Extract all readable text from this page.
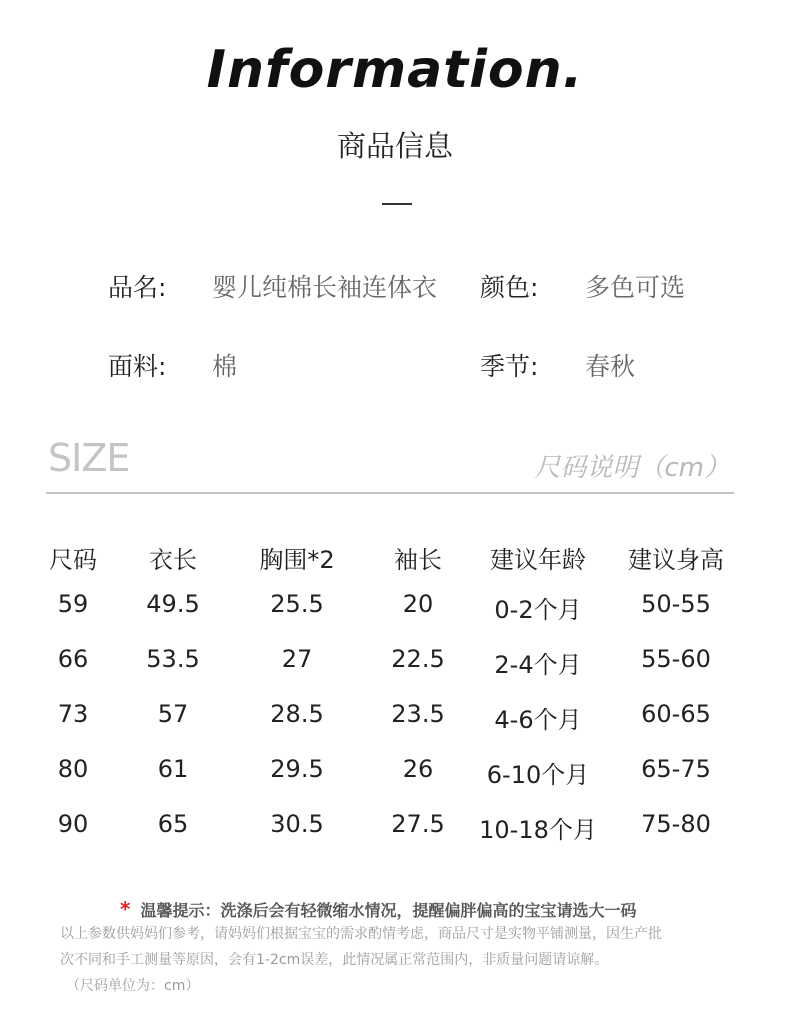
Information.
商品信息
品名: 婴儿纯棉长袖连体衣 颜色: 多色可选
面料: 棉	季节: 春秋
SIZE	尺码说明（cm）
尺码	衣长	胸围*2	袖长	建议年龄	建议身高
59	49.5	25.5	20	0-2个月	50-55
66	53.5	27	22.5	2-4个月	55-60
73	57	28.5	23.5	4-6个月	60-65
80	61	29.5	26	6-10个月	65-75
90	65	30.5	27.5	10-18个月	75-80
* 温馨提示：洗涤后会有轻微缩水情况，提醒偏胖偏高的宝宝请选大一码
以上参数供妈妈们参考，请妈妈们根据宝宝的需求酌情考虑，商品尺寸是实物平铺测量，因生产批
次不同和手工测量等原因，会有1-2cm误差，此情况属正常范围内，非质量问题请谅解。
（尺码单位为：cm）
